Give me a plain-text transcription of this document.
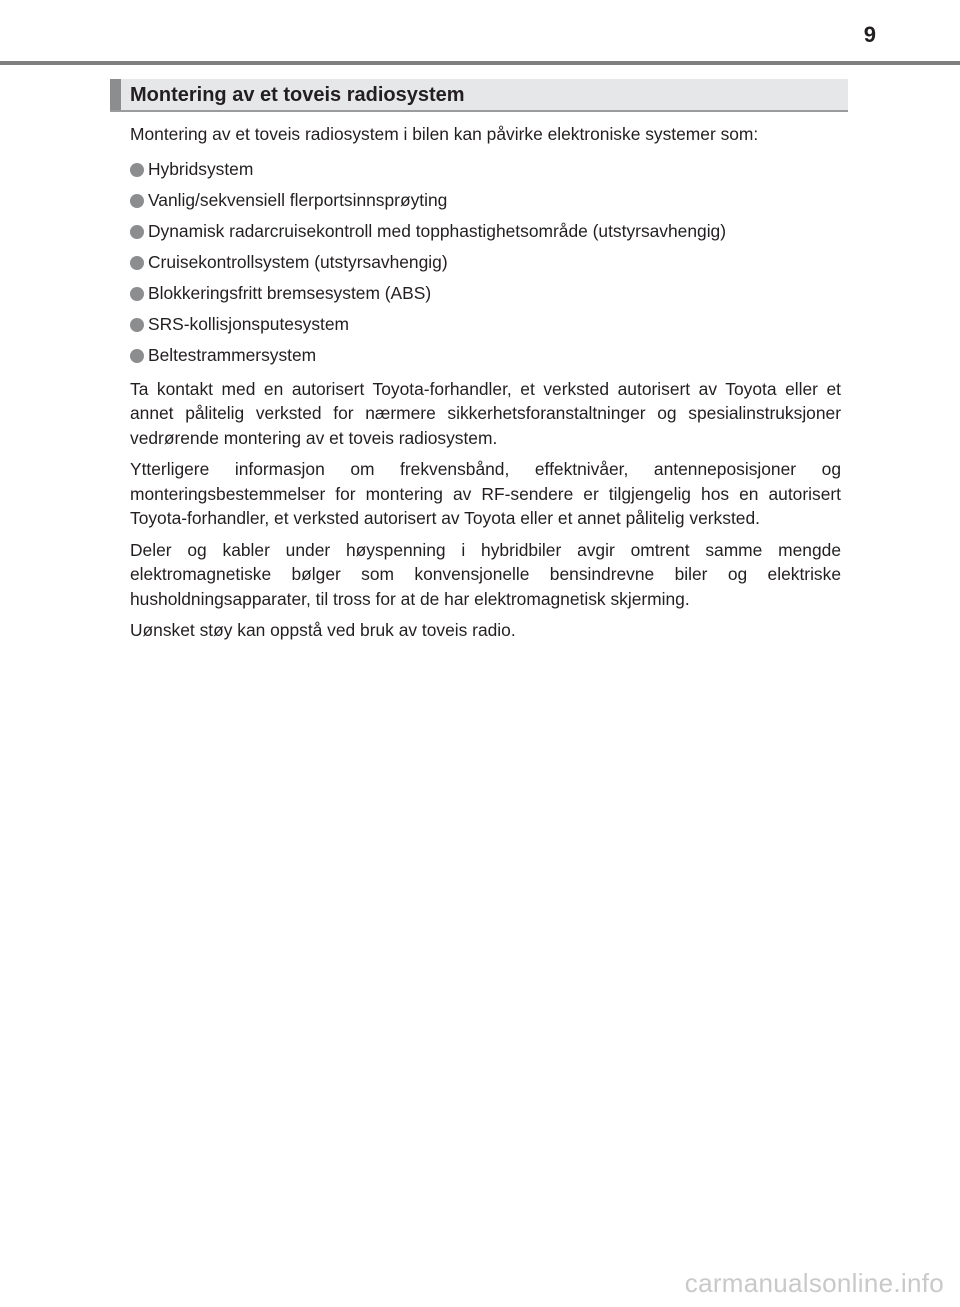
9
Montering av et toveis radiosystem

Montering av et toveis radiosystem i bilen kan påvirke elektroniske systemer som:

Hybridsystem
Vanlig/sekvensiell flerportsinnsprøyting
Dynamisk radarcruisekontroll med topphastighetsområde (utstyrsavhengig)
Cruisekontrollsystem (utstyrsavhengig)
Blokkeringsfritt bremsesystem (ABS)
SRS-kollisjonsputesystem
Beltestrammersystem

Ta kontakt med en autorisert Toyota-forhandler, et verksted autorisert av Toyota eller et annet pålitelig verksted for nærmere sikkerhetsforanstaltninger og spesialinstruksjoner vedrørende montering av et toveis radiosystem.

Ytterligere informasjon om frekvensbånd, effektnivåer, antenneposisjoner og monteringsbestemmelser for montering av RF-sendere er tilgjengelig hos en autorisert Toyota-forhandler, et verksted autorisert av Toyota eller et annet pålitelig verksted.

Deler og kabler under høyspenning i hybridbiler avgir omtrent samme mengde elektromagnetiske bølger som konvensjonelle bensindrevne biler og elektriske husholdningsapparater, til tross for at de har elektromagnetisk skjerming.

Uønsket støy kan oppstå ved bruk av toveis radio.

carmanualsonline.info
